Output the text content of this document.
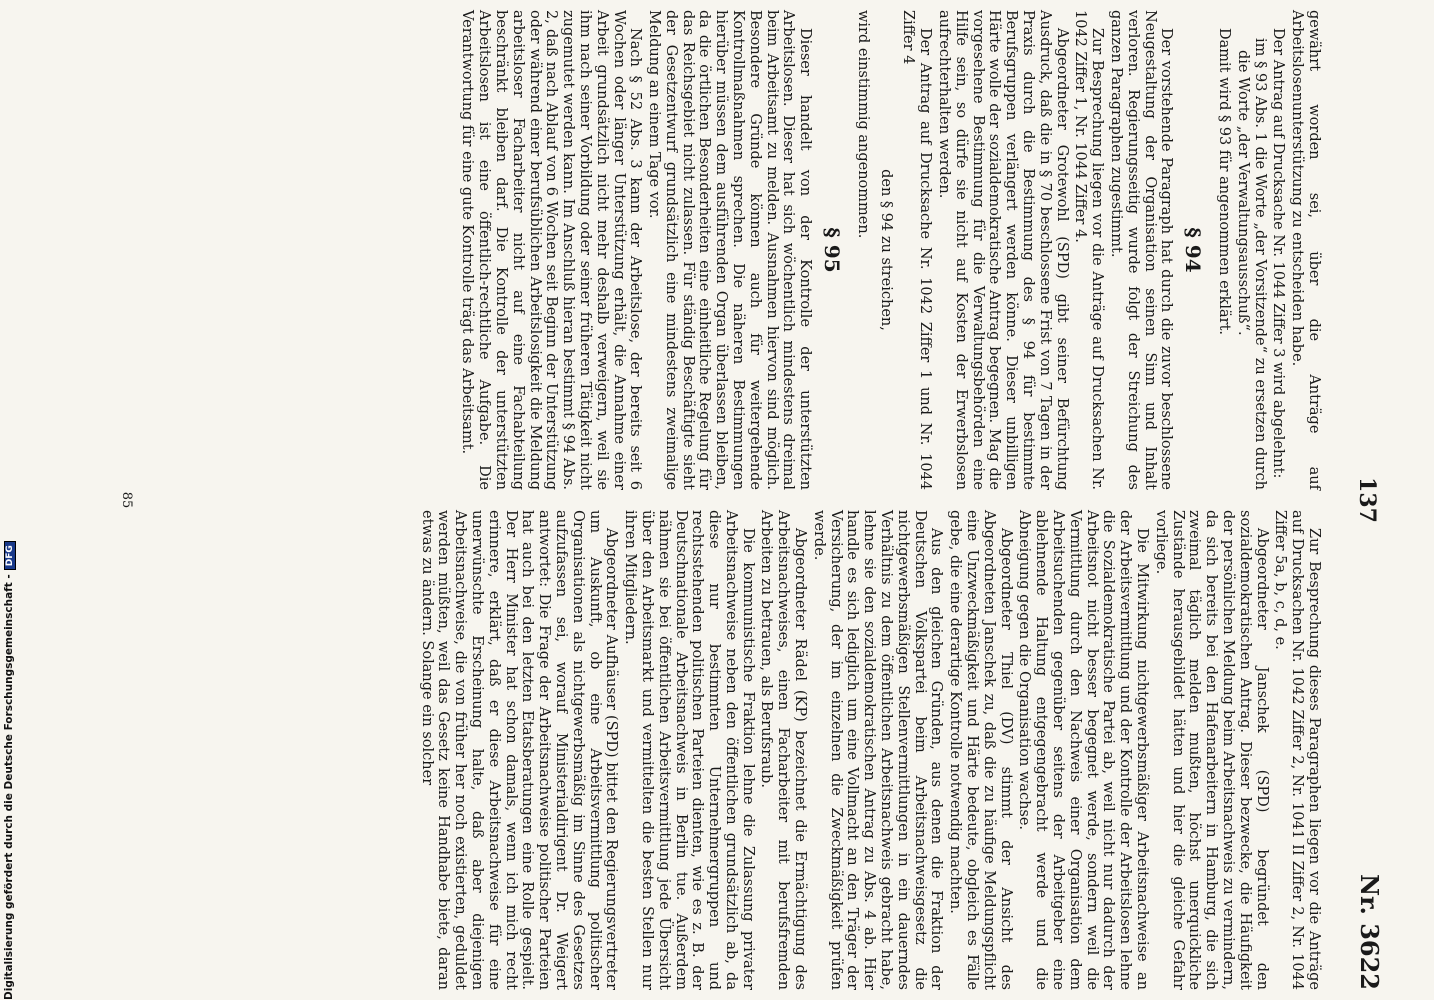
137
Nr. 3622

gewährt worden sei, über die Anträge auf Arbeitslosenunterstützung zu entscheiden habe.

Der Antrag auf Drucksache Nr. 1044 Ziffer 3 wird abgelehnt:

im § 93 Abs. 1 die Worte „der Vorsitzende“ zu ersetzen durch die Worte „der Verwaltungsausschuß“.

Damit wird § 93 für angenommen erklärt.

§ 94

Der vorstehende Paragraph hat durch die zuvor beschlossene Neugestaltung der Organisation seinen Sinn und Inhalt verloren. Regierungsseitig wurde folgt der Streichung des ganzen Paragraphen zugestimmt.

Zur Besprechung liegen vor die Anträge auf Drucksachen Nr. 1042 Ziffer 1, Nr. 1044 Ziffer 4.

Abgeordneter Grotewohl (SPD) gibt seiner Befürchtung Ausdruck, daß die in § 70 beschlossene Frist von 7 Tagen in der Praxis durch die Bestimmung des § 94 für bestimmte Berufsgruppen verlängert werden könne. Dieser unbilligen Härte wolle der sozialdemokratische Antrag begegnen. Mag die vorgesehene Bestimmung für die Verwaltungsbehörden eine Hilfe sein, so dürfe sie nicht auf Kosten der Erwerbslosen aufrechterhalten werden.

Der Antrag auf Drucksache Nr. 1042 Ziffer 1 und Nr. 1044 Ziffer 4

den § 94 zu streichen,

wird einstimmig angenommen.

§ 95

Dieser handelt von der Kontrolle der unterstützten Arbeitslosen. Dieser hat sich wöchentlich mindestens dreimal beim Arbeitsamt zu melden. Ausnahmen hiervon sind möglich. Besondere Gründe können auch für weitergehende Kontrollmaßnahmen sprechen. Die näheren Bestimmungen hierüber müssen dem ausführenden Organ überlassen bleiben, da die örtlichen Besonderheiten eine einheitliche Regelung für das Reichsgebiet nicht zulassen. Für ständig Beschäftigte sieht der Gesetzentwurf grundsätzlich eine mindestens zweimalige Meldung an einem Tage vor.

Nach § 52 Abs. 3 kann der Arbeitslose, der bereits seit 6 Wochen oder länger Unterstützung erhält, die Annahme einer Arbeit grundsätzlich nicht mehr deshalb verweigern, weil sie ihm nach seiner Vorbildung oder seiner früheren Tätigkeit nicht zugemutet werden kann. Im Anschluß hieran bestimmt § 94 Abs. 2, daß nach Ablauf von 6 Wochen seit Beginn der Unterstützung oder während einer berufsüblichen Arbeitslosigkeit die Meldung arbeitsloser Facharbeiter nicht auf eine Fachabteilung beschränkt bleiben darf. Die Kontrolle der unterstützten Arbeitslosen ist eine öffentlich-rechtliche Aufgabe. Die Verantwortung für eine gute Kontrolle trägt das Arbeitsamt.

Zur Besprechung dieses Paragraphen liegen vor die Anträge auf Drucksachen Nr. 1042 Ziffer 2, Nr. 1041 II Ziffer 2, Nr. 1044 Ziffer 5a, b, c, d, e.

Abgeordneter Janschek (SPD) begründet den sozialdemokratischen Antrag. Dieser bezwecke, die Häufigkeit der persönlichen Meldung beim Arbeitsnachweis zu vermindern, da sich bereits bei den Hafenarbeitern in Hamburg, die sich zweimal täglich melden mußten, höchst unerquickliche Zustände herausgebildet hätten und hier die gleiche Gefahr vorliege.

Die Mitwirkung nichtgewerbsmäßiger Arbeitsnachweise an der Arbeitsvermittlung und der Kontrolle der Arbeitslosen lehne die Sozialdemokratische Partei ab, weil nicht nur dadurch der Arbeitsnot nicht besser begegnet werde, sondern weil die Vermittlung durch den Nachweis einer Organisation dem Arbeitsuchenden gegenüber seitens der Arbeitgeber eine ablehnende Haltung entgegengebracht werde und die Abneigung gegen die Organisation wachse.

Abgeordneter Thiel (DV) stimmt der Ansicht des Abgeordneten Janschek zu, daß die zu häufige Meldungspflicht eine Unzweckmäßigkeit und Härte bedeute, obgleich es Fälle gebe, die eine derartige Kontrolle notwendig machten.

Aus den gleichen Gründen, aus denen die Fraktion der Deutschen Volkspartei beim Arbeitsnachweisgesetz die nichtgewerbsmäßigen Stellenvermittlungen in ein dauerndes Verhältnis zu dem öffentlichen Arbeitsnachweis gebracht habe, lehne sie den sozialdemokratischen Antrag zu Abs. 4 ab. Hier handle es sich lediglich um eine Vollmacht an den Träger der Versicherung, der im einzelnen die Zweckmäßigkeit prüfen werde.

Abgeordneter Rädel (KP) bezeichnet die Ermächtigung des Arbeitsnachweises, einen Facharbeiter mit berufsfremden Arbeiten zu betrauen, als Berufsraub.

Die kommunistische Fraktion lehne die Zulassung privater Arbeitsnachweise neben den öffentlichen grundsätzlich ab, da diese nur bestimmten Unternehmergruppen und rechtsstehenden politischen Parteien dienten, wie es z. B. der Deutschnationale Arbeitsnachweis in Berlin tue. Außerdem nähmen sie bei öffentlichen Arbeitsvermittlung jede Übersicht über den Arbeitsmarkt und vermittelten die besten Stellen nur ihren Mitgliedern.

Abgeordneter Aufhäuser (SPD) bittet den Regierungsvertreter um Auskunft, ob eine Arbeitsvermittlung politischer Organisationen als nichtgewerbsmäßig im Sinne des Gesetzes aufzufassen sei, worauf Ministerialdirigent Dr. Weigert antwortet: Die Frage der Arbeitsnachweise politischer Parteien hat auch bei den letzten Etatsberatungen eine Rolle gespielt. Der Herr Minister hat schon damals, wenn ich mich recht erinnere, erklärt, daß er diese Arbeitsnachweise für eine unerwünschte Erscheinung halte, daß aber diejenigen Arbeitsnachweise, die von früher her noch existierten, geduldet werden müßten, weil das Gesetz keine Handhabe biete, daran etwas zu ändern. Solange ein solcher

85
Digitalisierung gefördert durch die Deutsche Forschungsgemeinschaft -DFG
